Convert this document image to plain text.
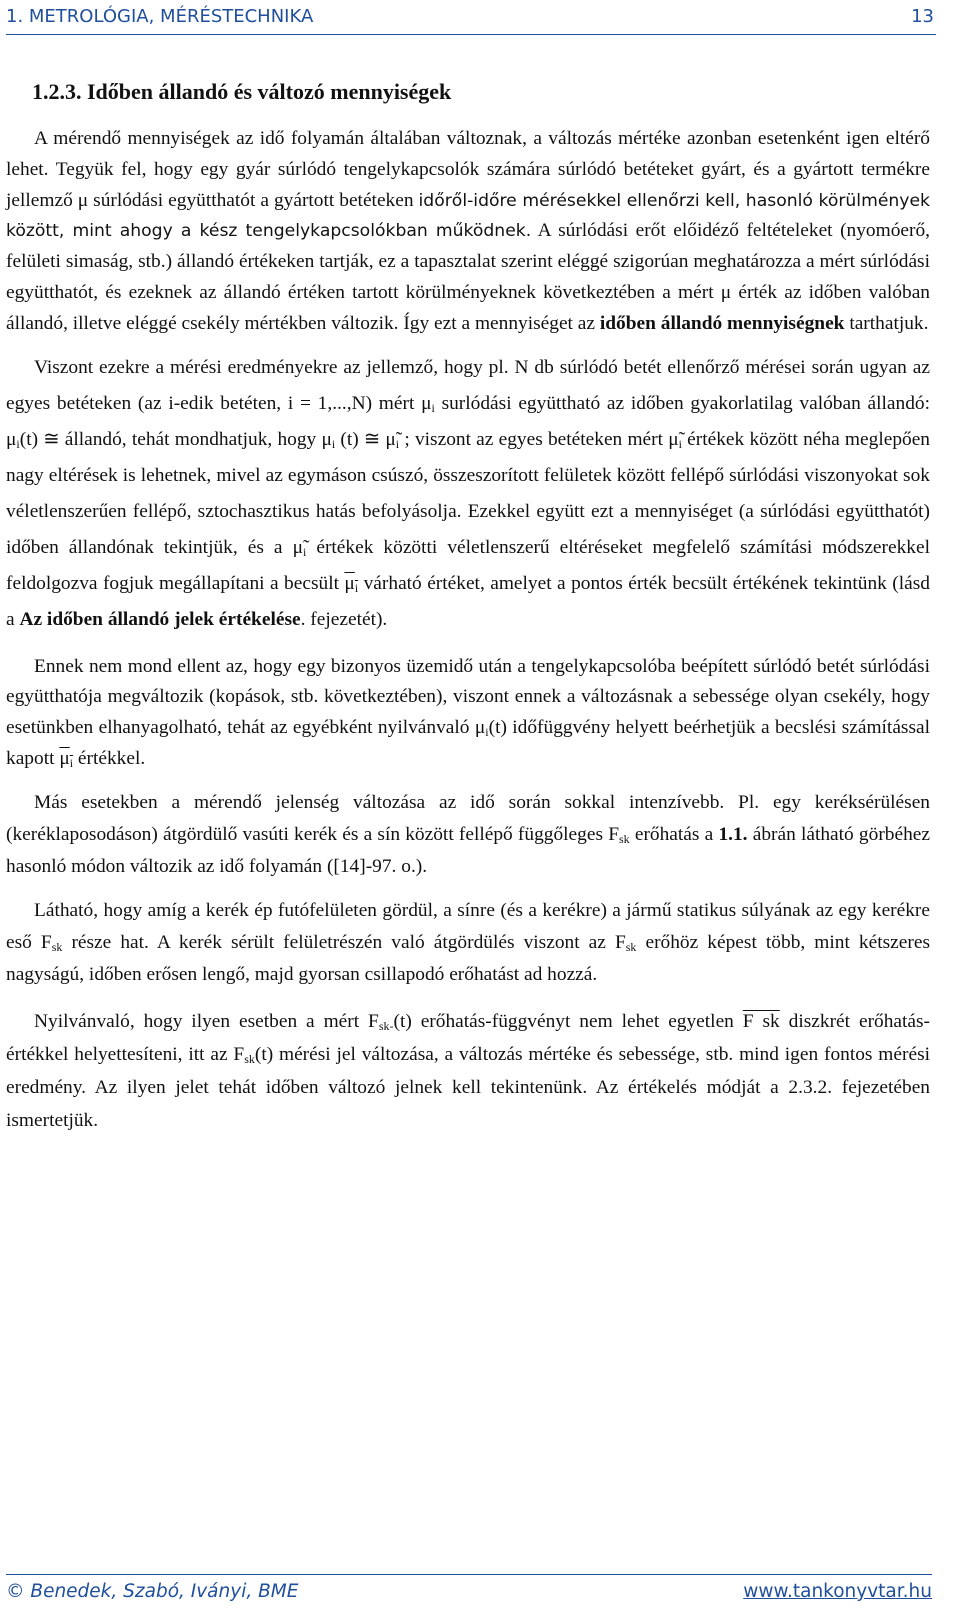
1. METROLÓGIA, MÉRÉSTECHNIKA	13
1.2.3. Időben állandó és változó mennyiségek

A mérendő mennyiségek az idő folyamán általában változnak, a változás mértéke azonban esetenként igen eltérő lehet. Tegyük fel, hogy egy gyár súrlódó tengelykapcsolók számára súrlódó betéteket gyárt, és a gyártott termékre jellemző μ súrlódási együtthatót a gyártott betéteken időről-időre mérésekkel ellenőrzi kell, hasonló körülmények között, mint ahogy a kész tengelykapcsolókban működnek. A súrlódási erőt előidéző feltételeket (nyomóerő, felületi simaság, stb.) állandó értékeken tartják, ez a tapasztalat szerint eléggé szigorúan meghatározza a mért súrlódási együtthatót, és ezeknek az állandó értéken tartott körülményeknek következtében a mért μ érték az időben valóban állandó, illetve eléggé csekély mértékben változik. Így ezt a mennyiséget az időben állandó mennyiségnek tarthatjuk.

Viszont ezekre a mérési eredményekre az jellemző, hogy pl. N db súrlódó betét ellenőrző mérései során ugyan az egyes betéteken (az i-edik betéten, i = 1,...,N) mért $\mu_i$ surlódási együttható az időben gyakorlatilag valóban állandó: $\mu_i(t)$ ≅ állandó, tehát mondhatjuk, hogy $\mu_i$ (t) ≅ $\mu_i$ ; viszont az egyes betéteken mért $\mu_i$ értékek között néha meglepően nagy eltérések is lehetnek, mivel az egymáson csúszó, összeszorított felületek között fellépő súrlódási viszonyokat sok véletlenszerűen fellépő, sztochasztikus hatás befolyásolja. Ezekkel együtt ezt a mennyiséget (a súrlódási együtthatót) időben állandónak tekintjük, és a $\mu_i$ értékek közötti véletlenszerű eltéréseket megfelelő számítási módszerekkel feldolgozva fogjuk megállapítani a becsült $\mu_i$ várható értéket, amelyet a pontos érték becsült értékének tekintünk (lásd a Az időben állandó jelek értékelése. fejezetét).

Ennek nem mond ellent az, hogy egy bizonyos üzemidő után a tengelykapcsolóba beépített súrlódó betét súrlódási együtthatója megváltozik (kopások, stb. következtében), viszont ennek a változásnak a sebessége olyan csekély, hogy esetünkben elhanyagolható, tehát az egyébként nyilvánvaló $\mu_i(t)$ időfüggvény helyett beérhetjük a becslési számítással kapott $\mu_i$ értékkel.

Más esetekben a mérendő jelenség változása az idő során sokkal intenzívebb. Pl. egy keréksérülésen (keréklaposodáson) átgördülő vasúti kerék és a sín között fellépő függőleges $F_{sk}$ erőhatás a 1.1. ábrán látható görbéhez hasonló módon változik az idő folyamán ([14]-97. o.).

Látható, hogy amíg a kerék ép futófelületen gördül, a sínre (és a kerékre) a jármű statikus súlyának az egy kerékre eső $F_{sk}$ része hat. A kerék sérült felületrészén való átgördülés viszont az $F_{sk}$ erőhöz képest több, mint kétszeres nagyságú, időben erősen lengő, majd gyorsan csillapodó erőhatást ad hozzá.

Nyilvánvaló, hogy ilyen esetben a mért $F_{sk-}(t)$ erőhatás-függvényt nem lehet egyetlen F sk diszkrét erőhatás-értékkel helyettesíteni, itt az $F_{sk}(t)$ mérési jel változása, a változás mértéke és sebessége, stb. mind igen fontos mérési eredmény. Az ilyen jelet tehát időben változó jelnek kell tekintenünk. Az értékelés módját a 2.3.2. fejezetében ismertetjük.

© Benedek, Szabó, Iványi, BME	www.tankonyvtar.hu
